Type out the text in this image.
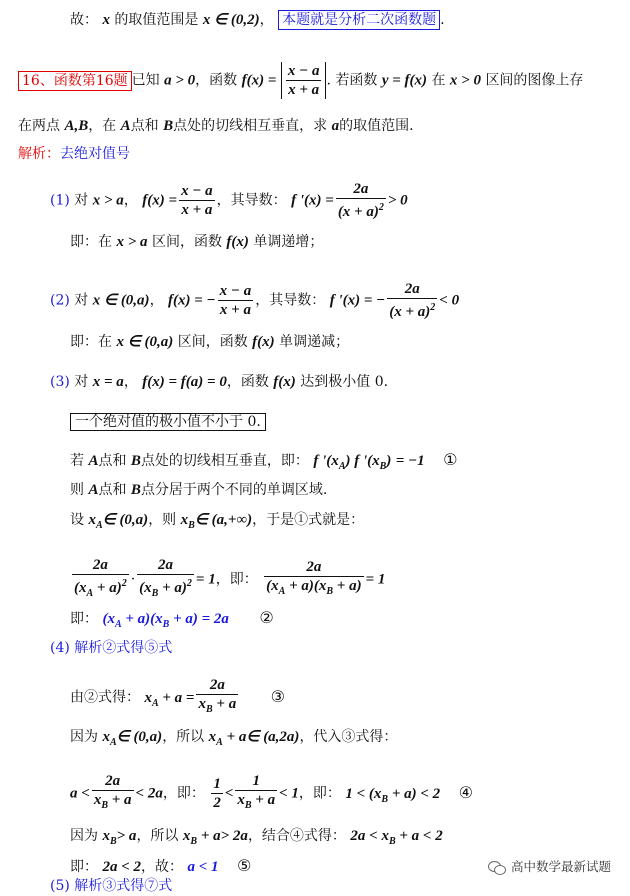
故： x 的取值范围是 x ∈ (0,2)， 本题就是分析二次函数题 .
16、函数第16题 已知 a > 0，函数 $f(x) = \frac{x - a}{x + a}$ . 若函数 y = f(x) 在 x > 0 区间的图像上存
在两点 A,B，在 A点和 B点处的切线相互垂直，求 a的取值范围.
解析：去绝对值号
(1) 对 x > a， $f(x) = \frac{x - a}{x + a}$ ，其导数： f '$(x) = \frac{2a}{(x + a)^2} > 0$
即：在 x > a 区间，函数 f(x) 单调递增；
(2) 对 x ∈ (0,a)， f(x) = − $\frac{x - a}{x + a}$ ，其导数： f '(x) = − $\frac{2a}{(x + a)^2} < 0$
即：在 x ∈ (0,a) 区间，函数 f(x) 单调递减；
(3) 对 x = a， f(x) = f(a) = 0，函数 f(x) 达到极小值 0.
一个绝对值的极小值不小于 0.
若 A点和 B点处的切线相互垂直，即： f '$(x_A)$ f '$(x_B) = -1$ ①
则 A点和 B点分居于两个不同的单调区域.
设 $x_A\in$ (0,a)，则 $x_B\in$ (a,+∞)，于是①式就是：
$\frac{2a}{(x_A + a)^2} \cdot \frac{2a}{(x_B + a)^2} = 1$，即： $\frac{2a}{(x_A + a)(x_B + a)} = 1$
即： $(x_A + a)(x_B + a) = 2a$ ②
(4) 解析②式得⑤式
由②式得： $x_A + a = \frac{2a}{x_B + a}$ ③
因为 $x_A\in$ (0,a)，所以 $x_A$ + a∈ (a,2a)，代入③式得：
$a < \frac{2a}{x_B + a} < 2a$，即： $\frac{1}{2} < \frac{1}{x_B + a} < 1$，即： $1 < (x_B + a) < 2$ ④
因为 $x_B> a$，所以 $x_B + a> 2a$，结合④式得： $2a < x_B + a < 2$
即： 2a < 2，故： a < 1 ⑤
(5) 解析③式得⑦式
高中数学最新试题
